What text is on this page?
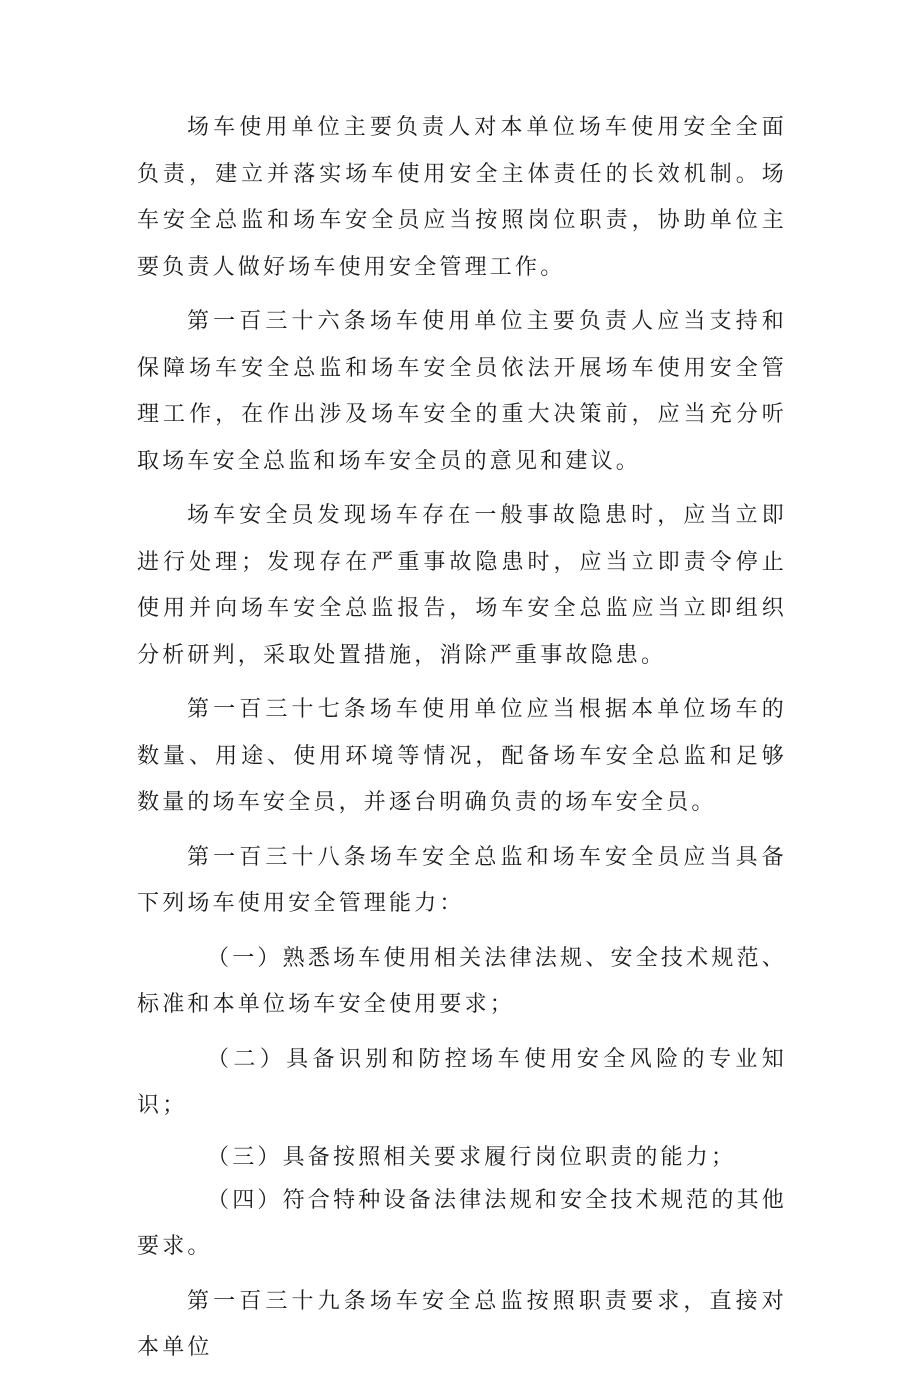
场车使用单位主要负责人对本单位场车使用安全全面负责，建立并落实场车使用安全主体责任的长效机制。场车安全总监和场车安全员应当按照岗位职责，协助单位主要负责人做好场车使用安全管理工作。

第一百三十六条场车使用单位主要负责人应当支持和保障场车安全总监和场车安全员依法开展场车使用安全管理工作，在作出涉及场车安全的重大决策前，应当充分听取场车安全总监和场车安全员的意见和建议。

场车安全员发现场车存在一般事故隐患时，应当立即进行处理；发现存在严重事故隐患时，应当立即责令停止使用并向场车安全总监报告，场车安全总监应当立即组织分析研判，采取处置措施，消除严重事故隐患。

第一百三十七条场车使用单位应当根据本单位场车的数量、用途、使用环境等情况，配备场车安全总监和足够数量的场车安全员，并逐台明确负责的场车安全员。

第一百三十八条场车安全总监和场车安全员应当具备下列场车使用安全管理能力：

（一）熟悉场车使用相关法律法规、安全技术规范、标准和本单位场车安全使用要求；

（二）具备识别和防控场车使用安全风险的专业知识；

（三）具备按照相关要求履行岗位职责的能力；

（四）符合特种设备法律法规和安全技术规范的其他要求。

第一百三十九条场车安全总监按照职责要求，直接对本单位
